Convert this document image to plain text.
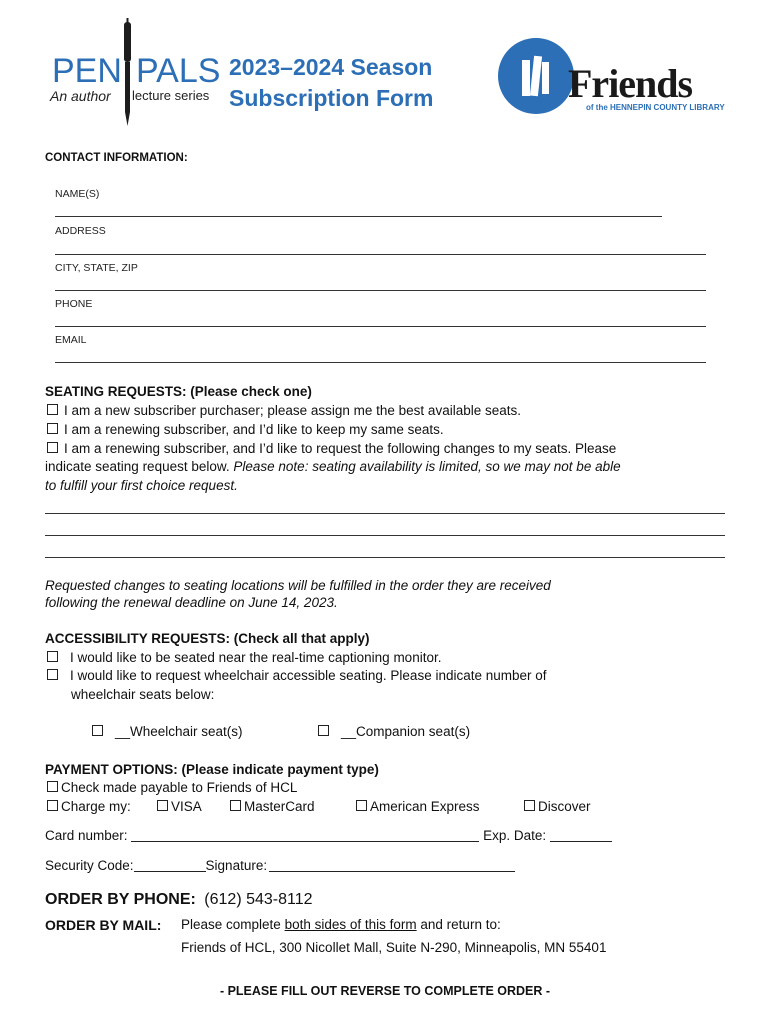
PEN PALS
An author lecture series
2023–2024 Season
Subscription Form	Friends
of the HENNEPIN COUNTY LIBRARY
CONTACT INFORMATION:
NAME(S)
ADDRESS
CITY, STATE, ZIP
PHONE
EMAIL
SEATING REQUESTS: (Please check one)
I am a new subscriber purchaser; please assign me the best available seats.
I am a renewing subscriber, and I’d like to keep my same seats.
I am a renewing subscriber, and I’d like to request the following changes to my seats. Please
indicate seating request below. Please note: seating availability is limited, so we may not be able
to fulfill your first choice request.
Requested changes to seating locations will be fulfilled in the order they are received
following the renewal deadline on June 14, 2023.
ACCESSIBILITY REQUESTS: (Check all that apply)
I would like to be seated near the real-time captioning monitor.
I would like to request wheelchair accessible seating. Please indicate number of
wheelchair seats below:
__Wheelchair seat(s)	__Companion seat(s)
PAYMENT OPTIONS: (Please indicate payment type)
Check made payable to Friends of HCL
Charge my:	VISA	MasterCard	American Express	Discover
Card number:	Exp. Date:
Security Code:	Signature:
ORDER BY PHONE: (612) 543-8112
ORDER BY MAIL: Please complete both sides of this form and return to:
Friends of HCL, 300 Nicollet Mall, Suite N-290, Minneapolis, MN 55401
- PLEASE FILL OUT REVERSE TO COMPLETE ORDER -
